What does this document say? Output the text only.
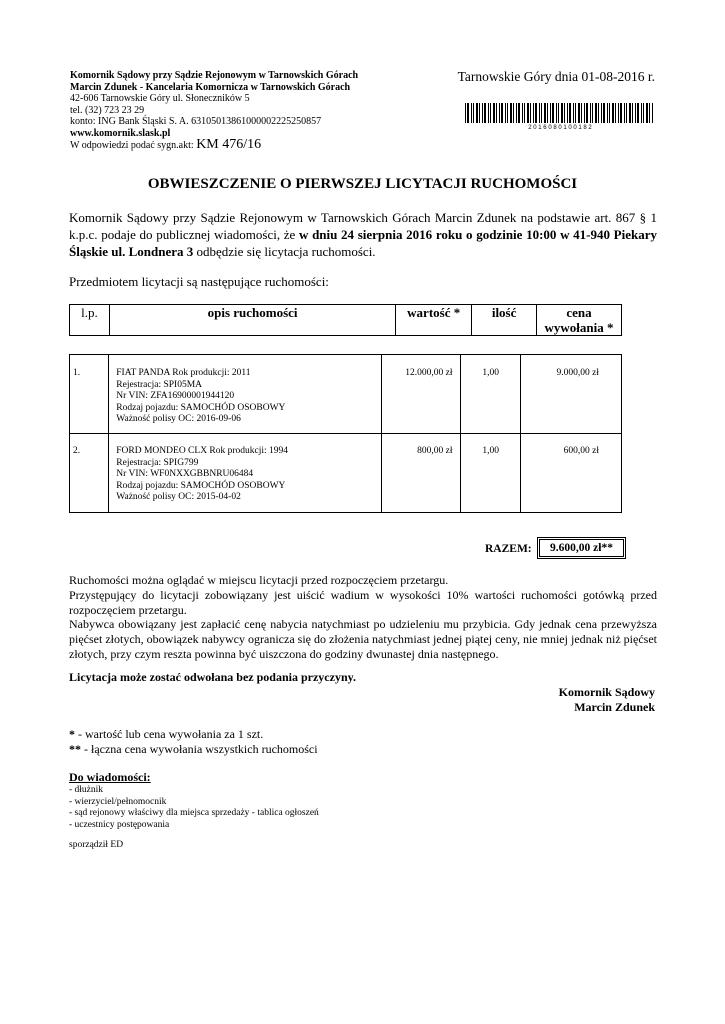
Komornik Sądowy przy Sądzie Rejonowym w Tarnowskich Górach
Marcin Zdunek - Kancelaria Komornicza w Tarnowskich Górach
42-606 Tarnowskie Góry ul. Słoneczników 5
tel. (32) 723 23 29
konto: ING Bank Śląski S. A. 63105013861000002225250857
www.komornik.slask.pl
W odpowiedzi podać sygn.akt: KM 476/16
Tarnowskie Góry dnia 01-08-2016 r.
2 0 1 6 0 8 0 1 0 0 1 8 2
OBWIESZCZENIE O PIERWSZEJ LICYTACJI RUCHOMOŚCI
Komornik Sądowy przy Sądzie Rejonowym w Tarnowskich Górach Marcin Zdunek na podstawie art. 867 § 1 k.p.c. podaje do publicznej wiadomości, że w dniu 24 sierpnia 2016 roku o godzinie 10:00 w 41-940 Piekary Śląskie ul. Londnera 3 odbędzie się licytacja ruchomości.
Przedmiotem licytacji są następujące ruchomości:
l.p.	opis ruchomości	wartość *	ilość	cena wywołania *
1.	FIAT PANDA Rok produkcji: 2011
Rejestracja: SPI05MA
Nr VIN: ZFA16900001944120
Rodzaj pojazdu: SAMOCHÓD OSOBOWY
Ważność polisy OC: 2016-09-06	12.000,00 zł	1,00	9.000,00 zł
2.	FORD MONDEO CLX Rok produkcji: 1994
Rejestracja: SPIG799
Nr VIN: WF0NXXGBBNRU06484
Rodzaj pojazdu: SAMOCHÓD OSOBOWY
Ważność polisy OC: 2015-04-02	800,00 zł	1,00	600,00 zł
RAZEM:	9.600,00 zł**
Ruchomości można oglądać w miejscu licytacji przed rozpoczęciem przetargu.
Przystępujący do licytacji zobowiązany jest uiścić wadium w wysokości 10% wartości ruchomości gotówką przed rozpoczęciem przetargu.
Nabywca obowiązany jest zapłacić cenę nabycia natychmiast po udzieleniu mu przybicia. Gdy jednak cena przewyższa pięćset złotych, obowiązek nabywcy ogranicza się do złożenia natychmiast jednej piątej ceny, nie mniej jednak niż pięćset złotych, przy czym reszta powinna być uiszczona do godziny dwunastej dnia następnego.
Licytacja może zostać odwołana bez podania przyczyny.
Komornik Sądowy
Marcin Zdunek
* - wartość lub cena wywołania za 1 szt.
** - łączna cena wywołania wszystkich ruchomości
Do wiadomości:
- dłużnik
- wierzyciel/pełnomocnik
- sąd rejonowy właściwy dla miejsca sprzedaży - tablica ogłoszeń
- uczestnicy postępowania
sporządził ED
